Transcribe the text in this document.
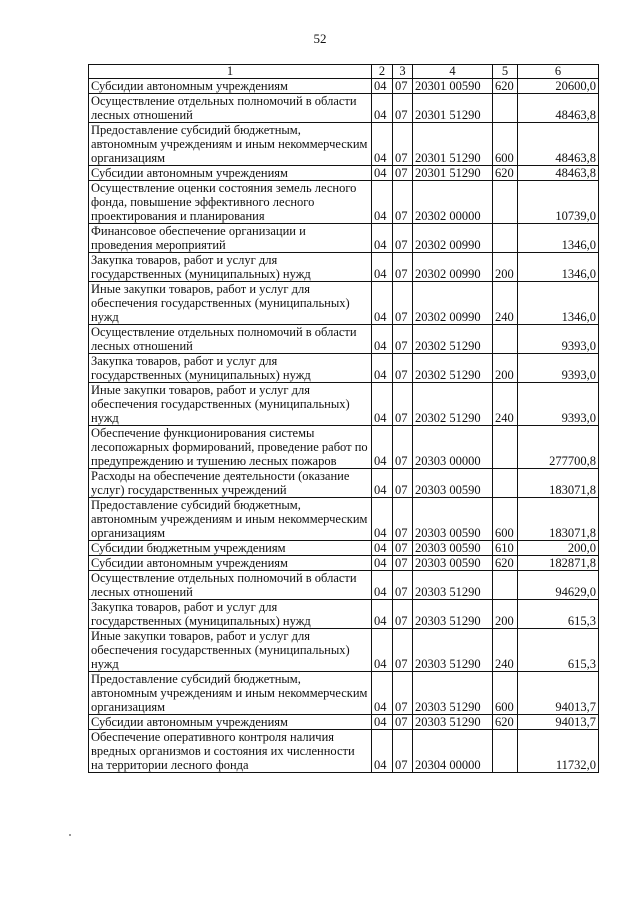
52
1	2	3	4	5	6
Субсидии автономным учреждениям	04	07	20301 00590	620	20600,0
Осуществление отдельных полномочий в области лесных отношений	04	07	20301 51290		48463,8
Предоставление субсидий бюджетным, автономным учреждениям и иным некоммерческим организациям	04	07	20301 51290	600	48463,8
Субсидии автономным учреждениям	04	07	20301 51290	620	48463,8
Осуществление оценки состояния земель лесного фонда, повышение эффективного лесного проектирования и планирования	04	07	20302 00000		10739,0
Финансовое обеспечение организации и проведения мероприятий	04	07	20302 00990		1346,0
Закупка товаров, работ и услуг для государственных (муниципальных) нужд	04	07	20302 00990	200	1346,0
Иные закупки товаров, работ и услуг для обеспечения государственных (муниципальных) нужд	04	07	20302 00990	240	1346,0
Осуществление отдельных полномочий в области лесных отношений	04	07	20302 51290		9393,0
Закупка товаров, работ и услуг для государственных (муниципальных) нужд	04	07	20302 51290	200	9393,0
Иные закупки товаров, работ и услуг для обеспечения государственных (муниципальных) нужд	04	07	20302 51290	240	9393,0
Обеспечение функционирования системы лесопожарных формирований, проведение работ по предупреждению и тушению лесных пожаров	04	07	20303 00000		277700,8
Расходы на обеспечение деятельности (оказание услуг) государственных учреждений	04	07	20303 00590		183071,8
Предоставление субсидий бюджетным, автономным учреждениям и иным некоммерческим организациям	04	07	20303 00590	600	183071,8
Субсидии бюджетным учреждениям	04	07	20303 00590	610	200,0
Субсидии автономным учреждениям	04	07	20303 00590	620	182871,8
Осуществление отдельных полномочий в области лесных отношений	04	07	20303 51290		94629,0
Закупка товаров, работ и услуг для государственных (муниципальных) нужд	04	07	20303 51290	200	615,3
Иные закупки товаров, работ и услуг для обеспечения государственных (муниципальных) нужд	04	07	20303 51290	240	615,3
Предоставление субсидий бюджетным, автономным учреждениям и иным некоммерческим организациям	04	07	20303 51290	600	94013,7
Субсидии автономным учреждениям	04	07	20303 51290	620	94013,7
Обеспечение оперативного контроля наличия вредных организмов и состояния их численности на территории лесного фонда	04	07	20304 00000		11732,0
